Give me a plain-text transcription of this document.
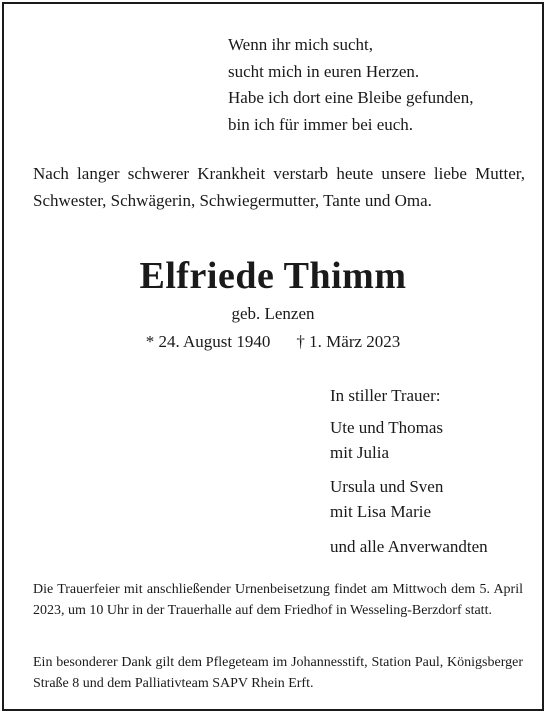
Wenn ihr mich sucht,
sucht mich in euren Herzen.
Habe ich dort eine Bleibe gefunden,
bin ich für immer bei euch.
Nach langer schwerer Krankheit verstarb heute unsere liebe Mutter, Schwester, Schwägerin, Schwiegermutter, Tante und Oma.
Elfriede Thimm
geb. Lenzen
* 24. August 1940 † 1. März 2023
In stiller Trauer:
Ute und Thomas
mit Julia
Ursula und Sven
mit Lisa Marie
und alle Anverwandten
Die Trauerfeier mit anschließender Urnenbeisetzung findet am Mittwoch dem 5. April 2023, um 10 Uhr in der Trauerhalle auf dem Friedhof in Wesseling-Berzdorf statt.
Ein besonderer Dank gilt dem Pflegeteam im Johannesstift, Station Paul, Königsberger Straße 8 und dem Palliativteam SAPV Rhein Erft.
